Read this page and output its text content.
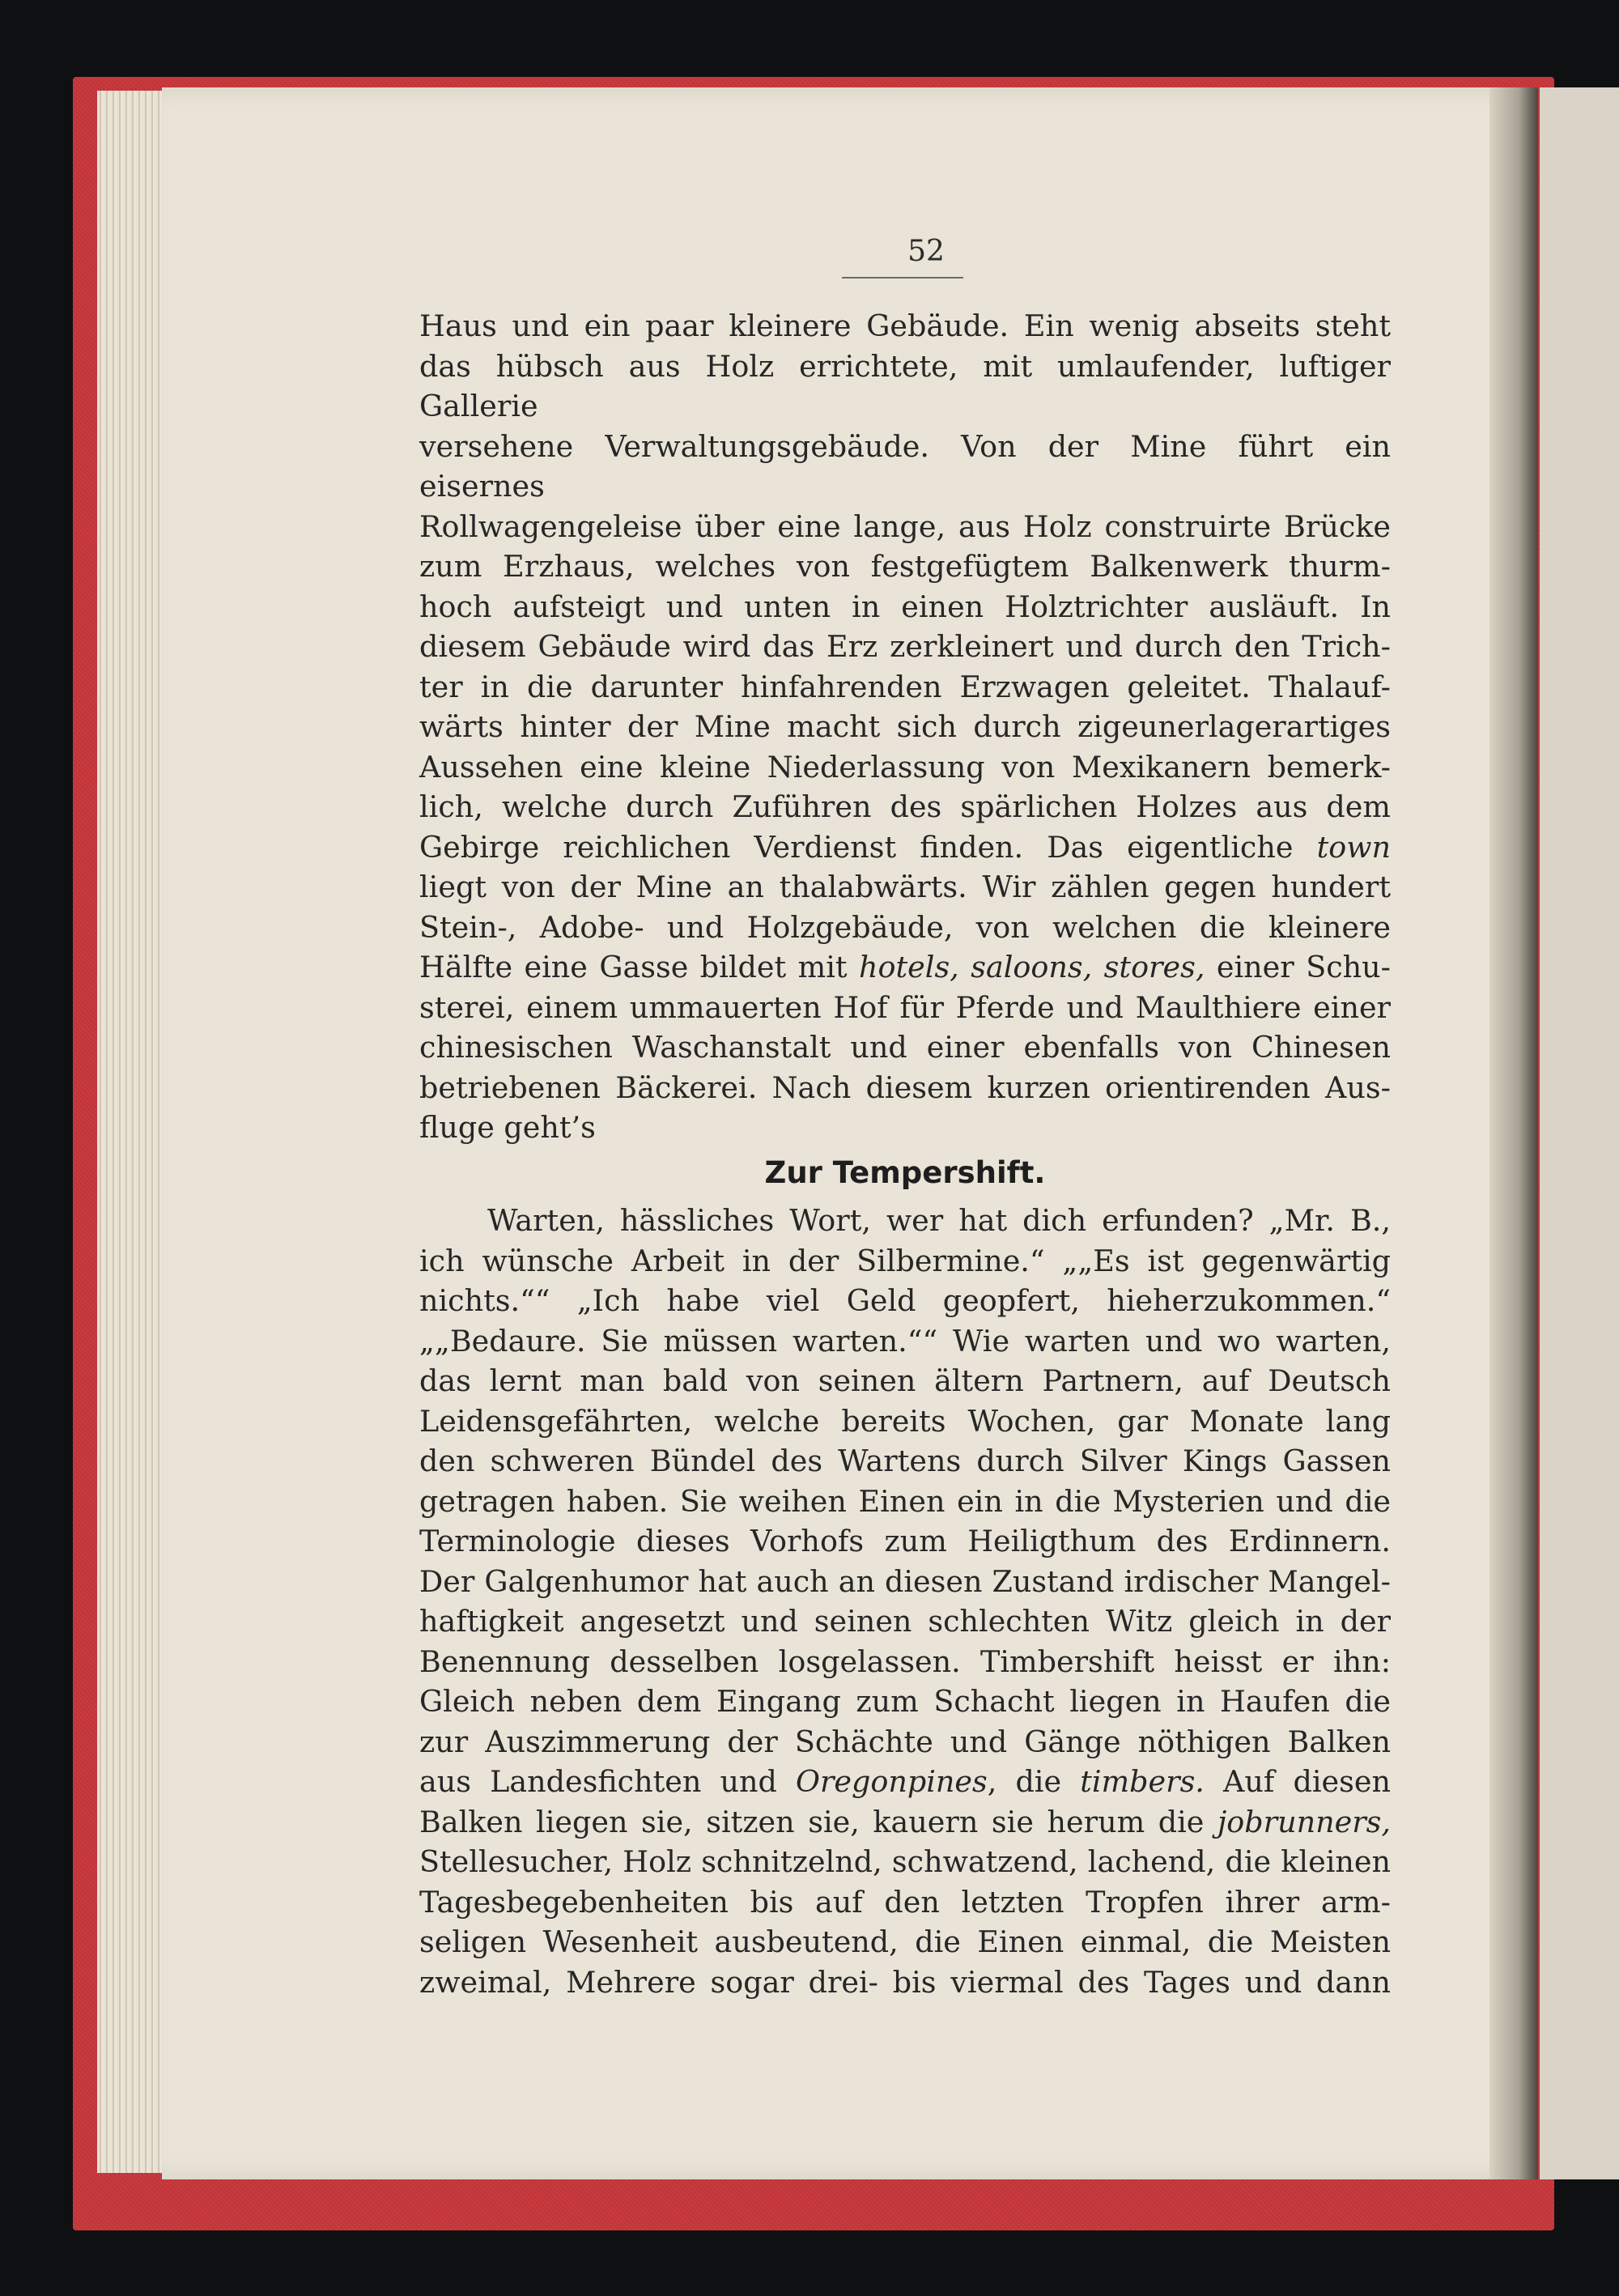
52

Haus und ein paar kleinere Gebäude. Ein wenig abseits steht

das hübsch aus Holz errichtete, mit umlaufender, luftiger Gallerie

versehene Verwaltungsgebäude. Von der Mine führt ein eisernes

Rollwagengeleise über eine lange, aus Holz construirte Brücke

zum Erzhaus, welches von festgefügtem Balkenwerk thurm-

hoch aufsteigt und unten in einen Holztrichter ausläuft. In

diesem Gebäude wird das Erz zerkleinert und durch den Trich-

ter in die darunter hinfahrenden Erzwagen geleitet. Thalauf-

wärts hinter der Mine macht sich durch zigeunerlagerartiges

Aussehen eine kleine Niederlassung von Mexikanern bemerk-

lich, welche durch Zuführen des spärlichen Holzes aus dem

Gebirge reichlichen Verdienst finden. Das eigentliche town

liegt von der Mine an thalabwärts. Wir zählen gegen hundert

Stein-, Adobe- und Holzgebäude, von welchen die kleinere

Hälfte eine Gasse bildet mit hotels, saloons, stores, einer Schu-

sterei, einem ummauerten Hof für Pferde und Maulthiere einer

chinesischen Waschanstalt und einer ebenfalls von Chinesen

betriebenen Bäckerei. Nach diesem kurzen orientirenden Aus-

fluge geht’s

Zur Tempershift.

Warten, hässliches Wort, wer hat dich erfunden? „Mr. B.,

ich wünsche Arbeit in der Silbermine.“ „„Es ist gegenwärtig

nichts.““ „Ich habe viel Geld geopfert, hieherzukommen.“

„„Bedaure. Sie müssen warten.““ Wie warten und wo warten,

das lernt man bald von seinen ältern Partnern, auf Deutsch

Leidensgefährten, welche bereits Wochen, gar Monate lang

den schweren Bündel des Wartens durch Silver Kings Gassen

getragen haben. Sie weihen Einen ein in die Mysterien und die

Terminologie dieses Vorhofs zum Heiligthum des Erdinnern.

Der Galgenhumor hat auch an diesen Zustand irdischer Mangel-

haftigkeit angesetzt und seinen schlechten Witz gleich in der

Benennung desselben losgelassen. Timbershift heisst er ihn:

Gleich neben dem Eingang zum Schacht liegen in Haufen die

zur Auszimmerung der Schächte und Gänge nöthigen Balken

aus Landesfichten und Oregonpines, die timbers. Auf diesen

Balken liegen sie, sitzen sie, kauern sie herum die jobrunners,

Stellesucher, Holz schnitzelnd, schwatzend, lachend, die kleinen

Tagesbegebenheiten bis auf den letzten Tropfen ihrer arm-

seligen Wesenheit ausbeutend, die Einen einmal, die Meisten

zweimal, Mehrere sogar drei- bis viermal des Tages und dann
